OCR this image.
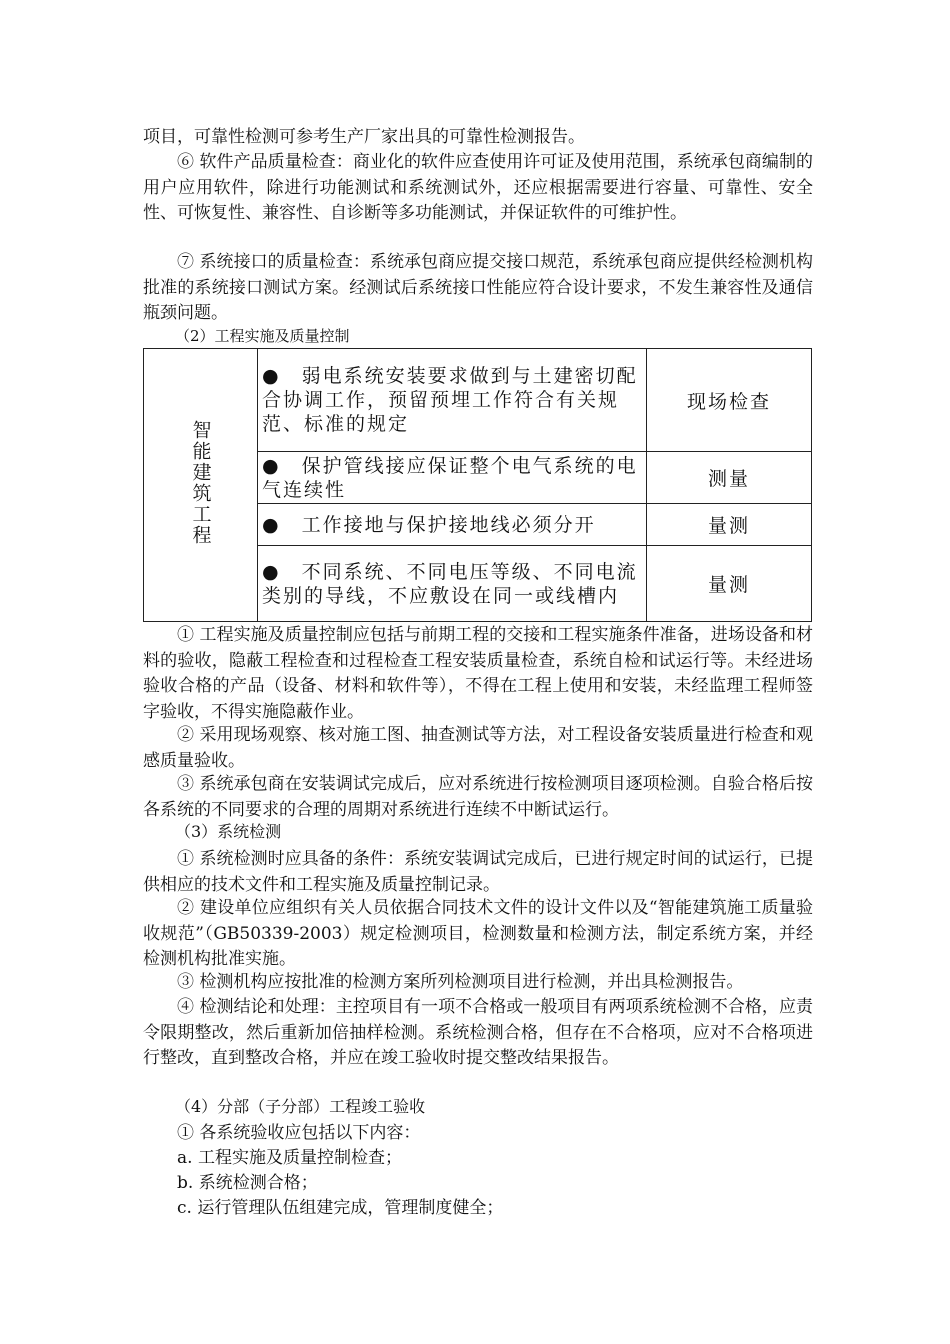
项目，可靠性检测可参考生产厂家出具的可靠性检测报告。

⑥ 软件产品质量检查：商业化的软件应查使用许可证及使用范围，系统承包商编制的用户应用软件，除进行功能测试和系统测试外，还应根据需要进行容量、可靠性、安全性、可恢复性、兼容性、自诊断等多功能测试，并保证软件的可维护性。

⑦ 系统接口的质量检查：系统承包商应提交接口规范，系统承包商应提供经检测机构批准的系统接口测试方案。经测试后系统接口性能应符合设计要求，不发生兼容性及通信瓶颈问题。

（2）工程实施及质量控制

智能建筑工程	●　弱电系统安装要求做到与土建密切配合协调工作，预留预埋工作符合有关规范、标准的规定	现场检查
	●　保护管线接应保证整个电气系统的电气连续性	测量
	●　工作接地与保护接地线必须分开	量测
	●　不同系统、不同电压等级、不同电流类别的导线，不应敷设在同一或线槽内	量测

① 工程实施及质量控制应包括与前期工程的交接和工程实施条件准备，进场设备和材料的验收，隐蔽工程检查和过程检查工程安装质量检查，系统自检和试运行等。未经进场验收合格的产品（设备、材料和软件等），不得在工程上使用和安装，未经监理工程师签字验收，不得实施隐蔽作业。

② 采用现场观察、核对施工图、抽查测试等方法，对工程设备安装质量进行检查和观感质量验收。

③ 系统承包商在安装调试完成后，应对系统进行按检测项目逐项检测。自验合格后按各系统的不同要求的合理的周期对系统进行连续不中断试运行。

（3）系统检测

① 系统检测时应具备的条件：系统安装调试完成后，已进行规定时间的试运行，已提供相应的技术文件和工程实施及质量控制记录。

② 建设单位应组织有关人员依据合同技术文件的设计文件以及“智能建筑施工质量验收规范”（GB50339-2003）规定检测项目，检测数量和检测方法，制定系统方案，并经检测机构批准实施。

③ 检测机构应按批准的检测方案所列检测项目进行检测，并出具检测报告。

④ 检测结论和处理：主控项目有一项不合格或一般项目有两项系统检测不合格，应责令限期整改，然后重新加倍抽样检测。系统检测合格，但存在不合格项，应对不合格项进行整改，直到整改合格，并应在竣工验收时提交整改结果报告。

（4）分部（子分部）工程竣工验收

① 各系统验收应包括以下内容：

a. 工程实施及质量控制检查；

b. 系统检测合格；

c. 运行管理队伍组建完成，管理制度健全；
